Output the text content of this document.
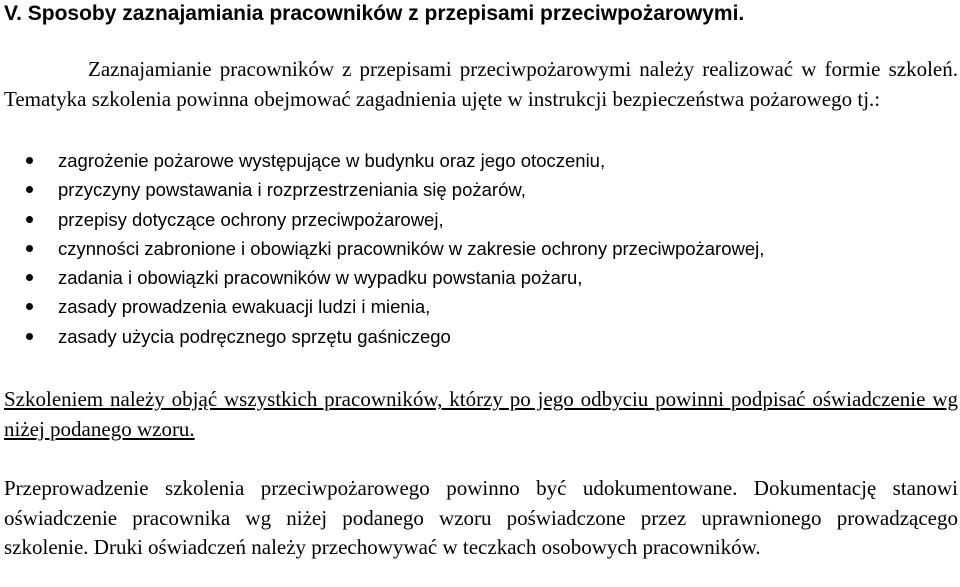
V. Sposoby zaznajamiania pracowników z przepisami przeciwpożarowymi.

Zaznajamianie pracowników z przepisami przeciwpożarowymi należy realizować w formie szkoleń. Tematyka szkolenia powinna obejmować zagadnienia ujęte w instrukcji bezpieczeństwa pożarowego tj.:

zagrożenie pożarowe występujące w budynku oraz jego otoczeniu,
przyczyny powstawania i rozprzestrzeniania się pożarów,
przepisy dotyczące ochrony przeciwpożarowej,
czynności zabronione i obowiązki pracowników w zakresie ochrony przeciwpożarowej,
zadania i obowiązki pracowników w wypadku powstania pożaru,
zasady prowadzenia ewakuacji ludzi i mienia,
zasady użycia podręcznego sprzętu gaśniczego

Szkoleniem należy objąć wszystkich pracowników, którzy po jego odbyciu powinni podpisać oświadczenie wg niżej podanego wzoru.

Przeprowadzenie szkolenia przeciwpożarowego powinno być udokumentowane. Dokumentację stanowi oświadczenie pracownika wg niżej podanego wzoru poświadczone przez uprawnionego prowadzącego szkolenie. Druki oświadczeń należy przechowywać w teczkach osobowych pracowników.
